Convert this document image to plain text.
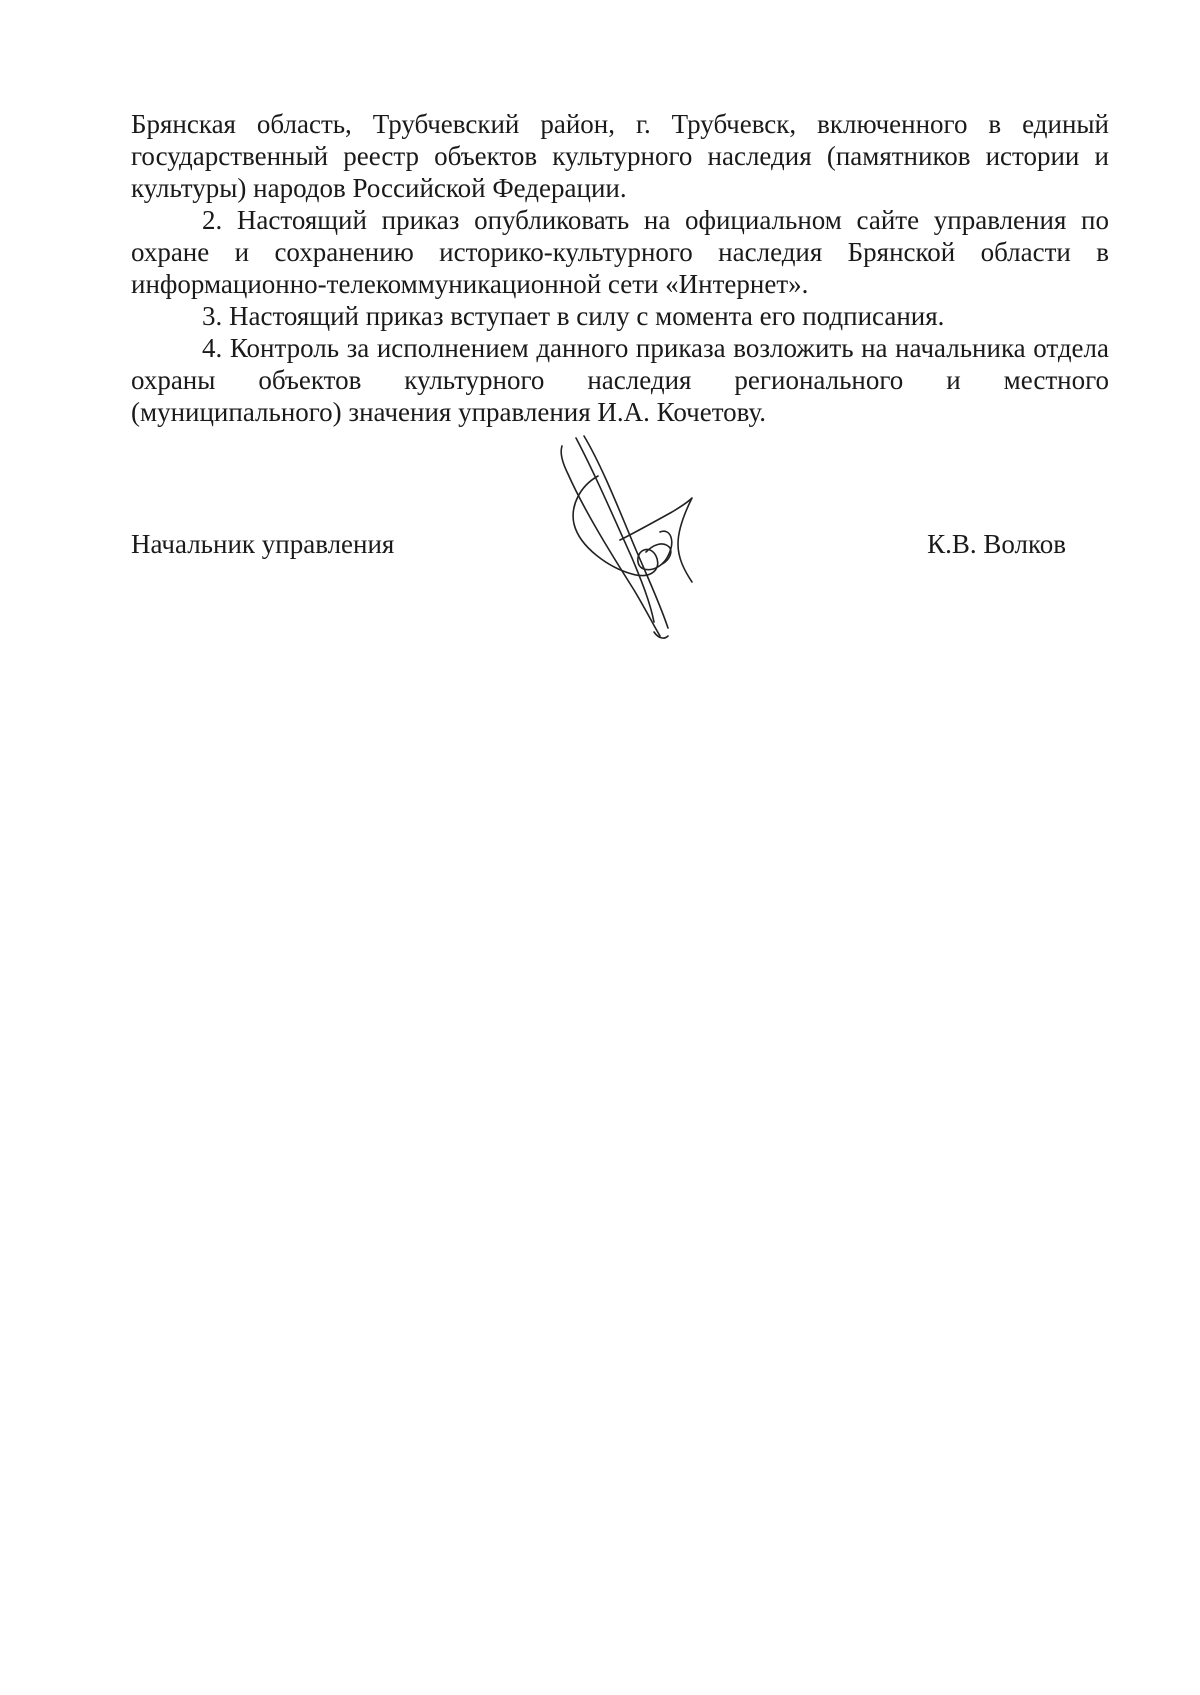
Брянская область, Трубчевский район, г. Трубчевск, включенного в единый государственный реестр объектов культурного наследия (памятников истории и культуры) народов Российской Федерации.

2. Настоящий приказ опубликовать на официальном сайте управления по охране и сохранению историко-культурного наследия Брянской области в информационно-телекоммуникационной сети «Интернет».

3. Настоящий приказ вступает в силу с момента его подписания.

4. Контроль за исполнением данного приказа возложить на начальника отдела охраны объектов культурного наследия регионального и местного (муниципального) значения управления И.А. Кочетову.

Начальник управления	К.В. Волков
